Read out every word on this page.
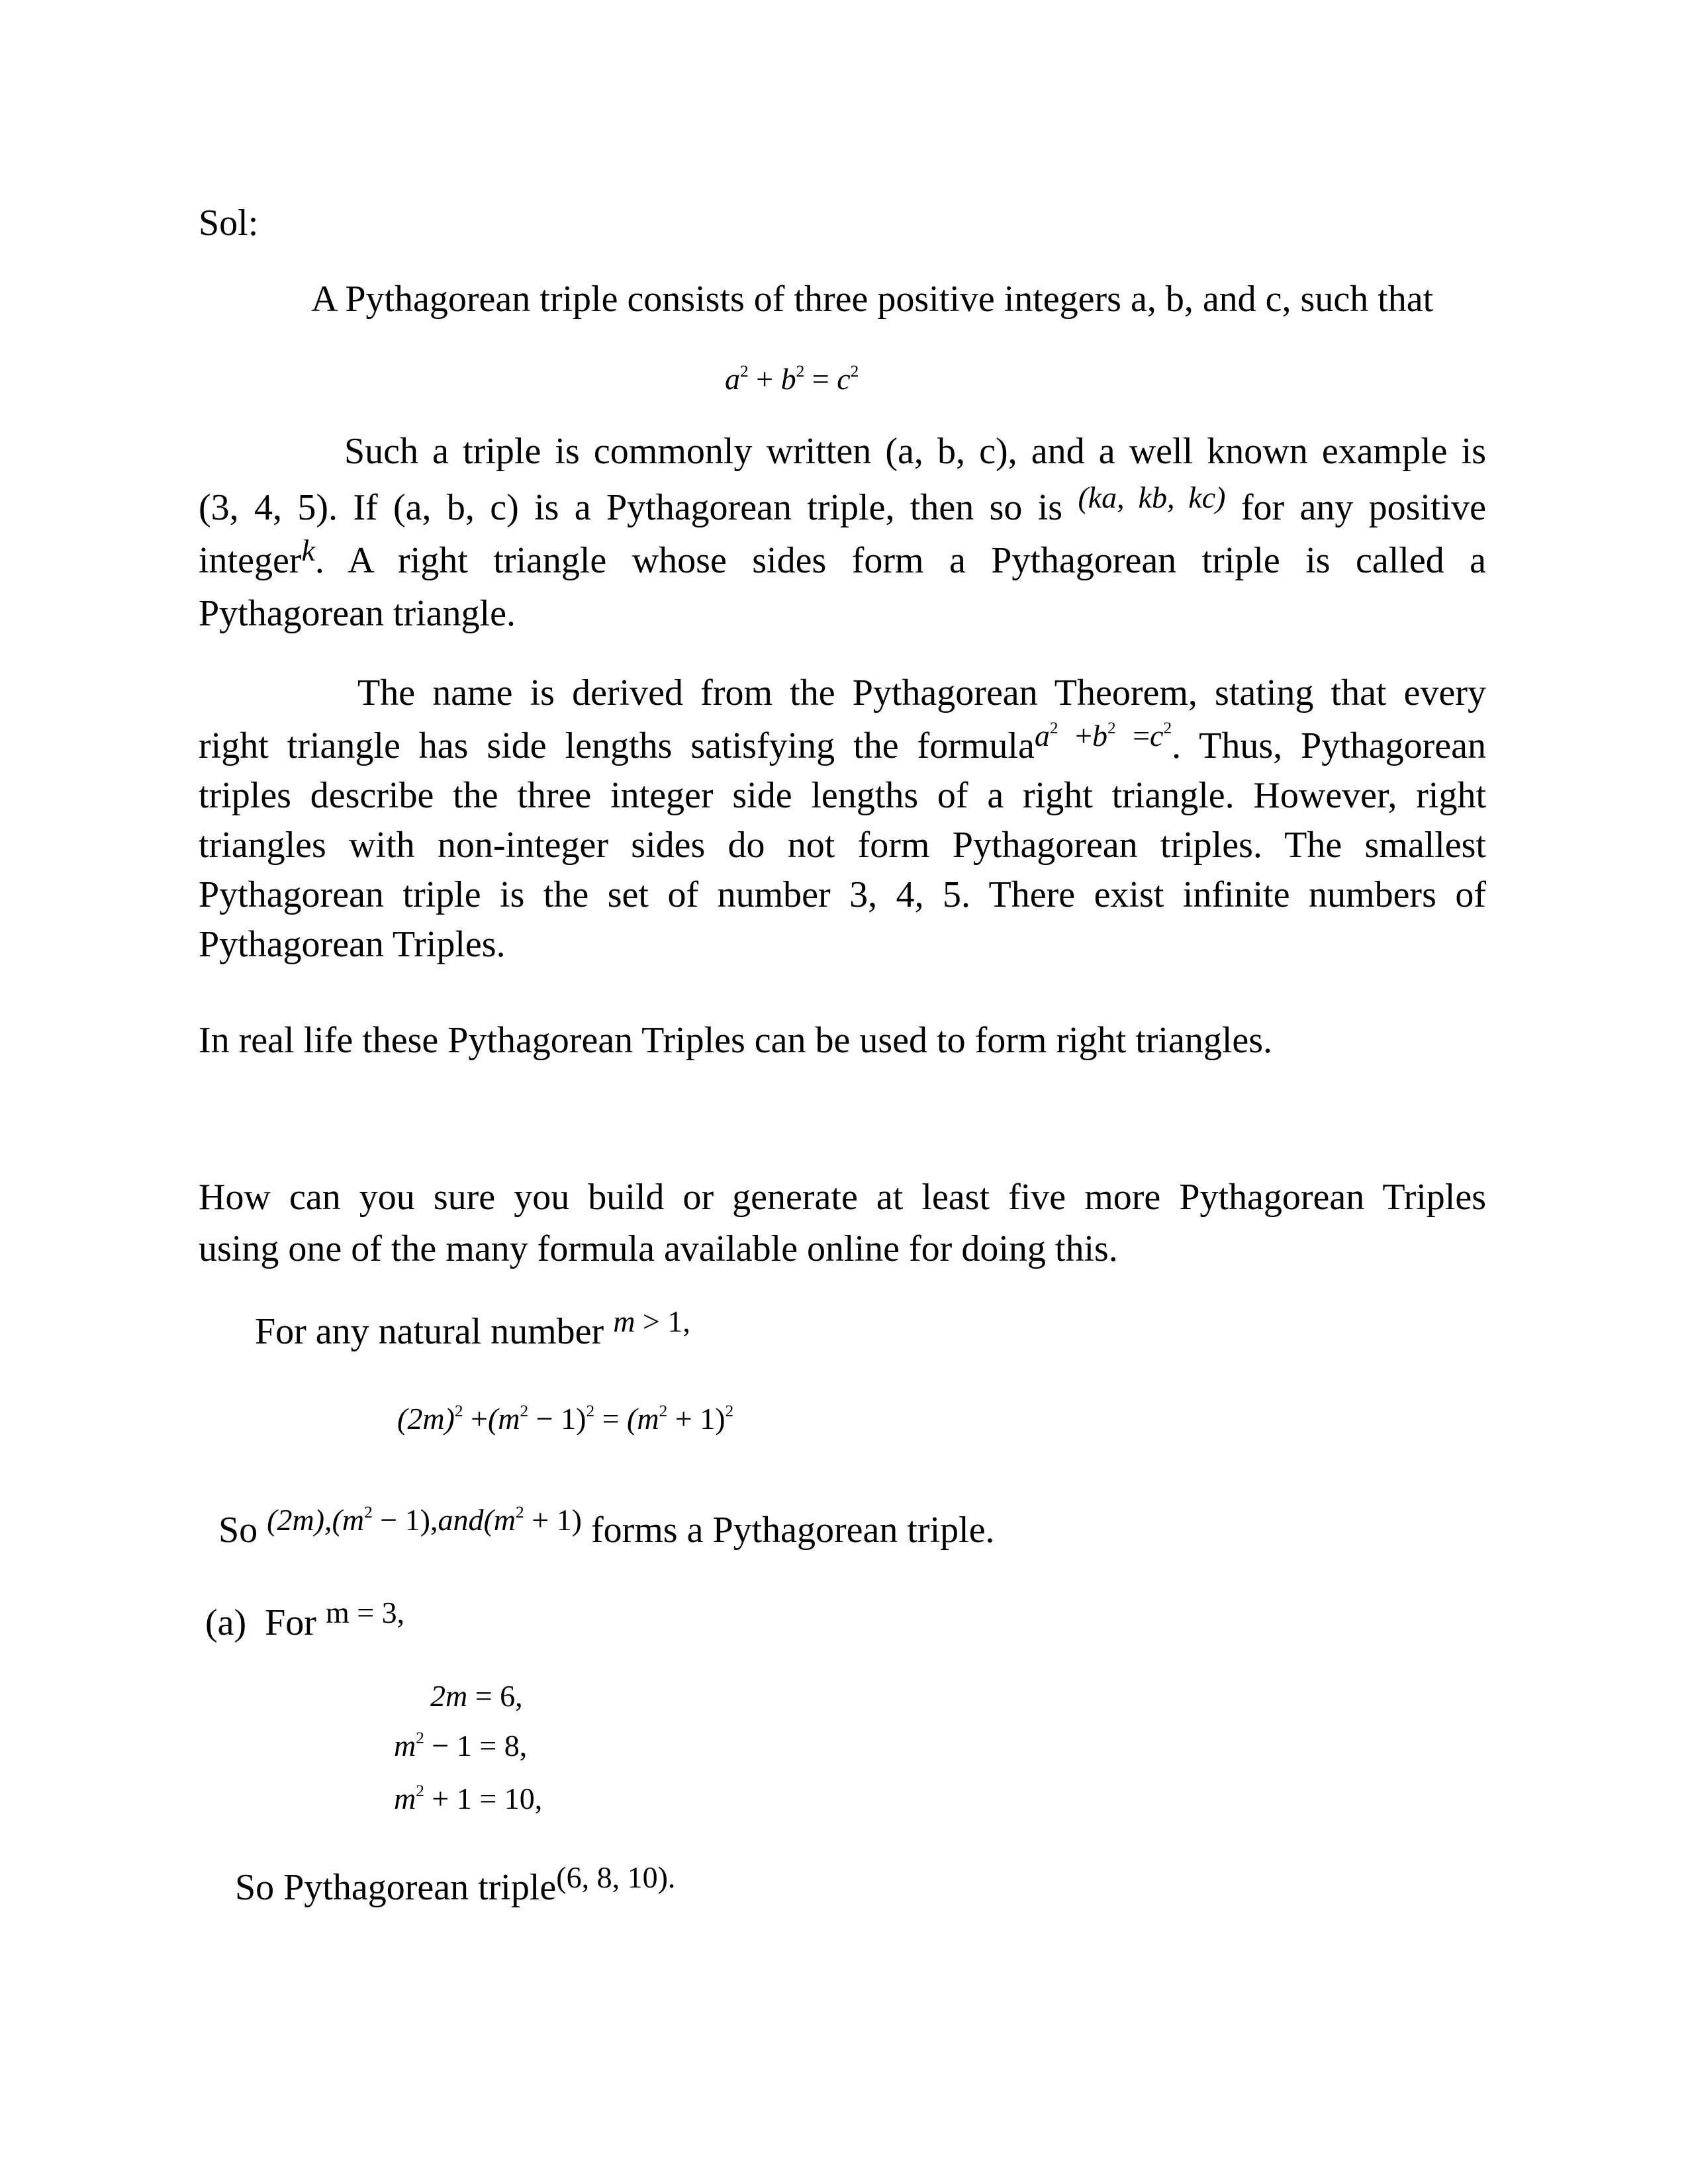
Sol:
A Pythagorean triple consists of three positive integers a, b, and c, such that
$a^2 + b^2 = c^2$
Such a triple is commonly written (a, b, c), and a well known example is
(3, 4, 5). If (a, b, c) is a Pythagorean triple, then so is $^{(ka, kb, kc)}$ for any positive
integer$^k$. A right triangle whose sides form a Pythagorean triple is called a
Pythagorean triangle.
The name is derived from the Pythagorean Theorem, stating that every
right triangle has side lengths satisfying the formula$^{a^2 +b^2 =c^2}$. Thus, Pythagorean
triples describe the three integer side lengths of a right triangle. However, right
triangles with non-integer sides do not form Pythagorean triples. The smallest
Pythagorean triple is the set of number 3, 4, 5. There exist infinite numbers of
Pythagorean Triples.
In real life these Pythagorean Triples can be used to form right triangles.
How can you sure you build or generate at least five more Pythagorean Triples
using one of the many formula available online for doing this.
For any natural number $^{m > 1,}$
$(2m)^2 +(m^2 - 1)^2 = (m^2 + 1)^2$
So $^{(2m),(m^2 - 1),and(m^2 + 1)}$ forms a Pythagorean triple.
(a)  For $^{m = 3,}$
2m = 6,
$m^2 - 1 = 8$,
$m^2 + 1 = 10$,
So Pythagorean triple$^{(6, 8, 10).}$
